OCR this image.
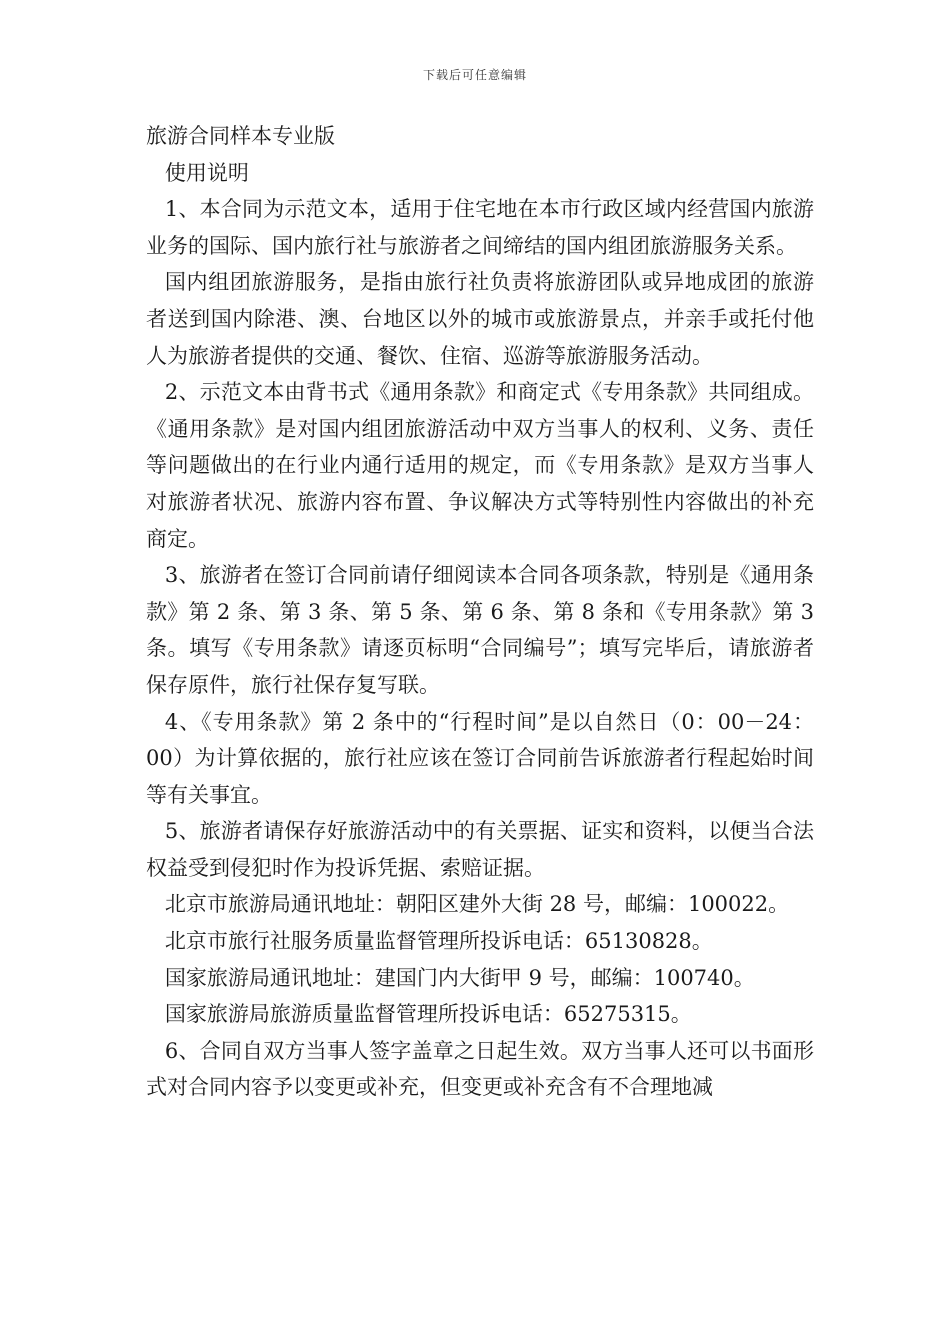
下载后可任意编辑

旅游合同样本专业版

使用说明

1、本合同为示范文本，适用于住宅地在本市行政区域内经营国内旅游业务的国际、国内旅行社与旅游者之间缔结的国内组团旅游服务关系。

国内组团旅游服务，是指由旅行社负责将旅游团队或异地成团的旅游者送到国内除港、澳、台地区以外的城市或旅游景点，并亲手或托付他人为旅游者提供的交通、餐饮、住宿、巡游等旅游服务活动。

2、示范文本由背书式《通用条款》和商定式《专用条款》共同组成。《通用条款》是对国内组团旅游活动中双方当事人的权利、义务、责任等问题做出的在行业内通行适用的规定，而《专用条款》是双方当事人对旅游者状况、旅游内容布置、争议解决方式等特别性内容做出的补充商定。

3、旅游者在签订合同前请仔细阅读本合同各项条款，特别是《通用条款》第 2 条、第 3 条、第 5 条、第 6 条、第 8 条和《专用条款》第 3 条。填写《专用条款》请逐页标明“合同编号”；填写完毕后，请旅游者保存原件，旅行社保存复写联。

4、《专用条款》第 2 条中的“行程时间”是以自然日（0：00－24：00）为计算依据的，旅行社应该在签订合同前告诉旅游者行程起始时间等有关事宜。

5、旅游者请保存好旅游活动中的有关票据、证实和资料，以便当合法权益受到侵犯时作为投诉凭据、索赔证据。

北京市旅游局通讯地址：朝阳区建外大街 28 号，邮编：100022。

北京市旅行社服务质量监督管理所投诉电话：65130828。

国家旅游局通讯地址：建国门内大街甲 9 号，邮编：100740。

国家旅游局旅游质量监督管理所投诉电话：65275315。

6、合同自双方当事人签字盖章之日起生效。双方当事人还可以书面形式对合同内容予以变更或补充，但变更或补充含有不合理地减
